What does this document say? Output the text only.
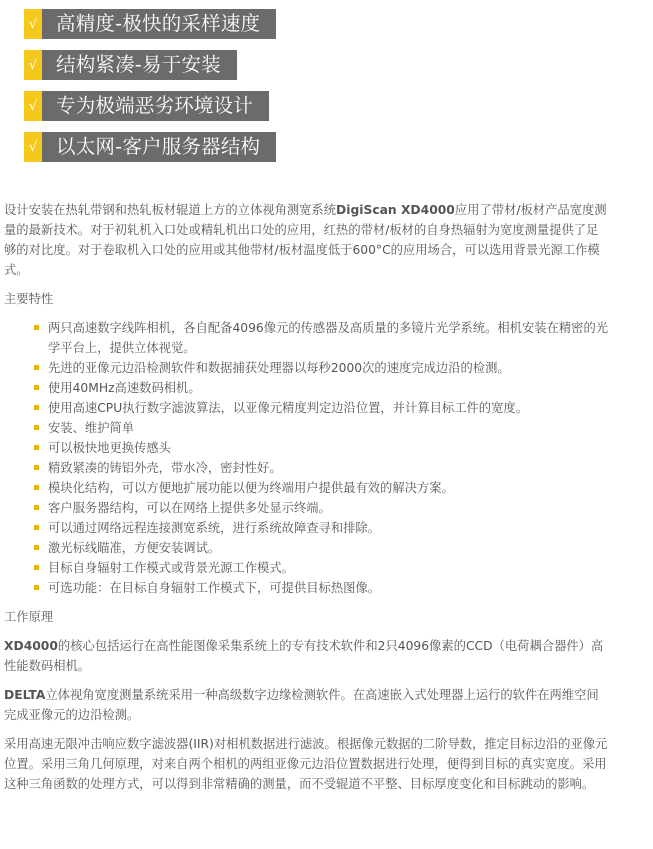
√ 高精度-极快的采样速度
√ 结构紧凑-易于安装
√ 专为极端恶劣环境设计
√ 以太网-客户服务器结构

设计安装在热轧带钢和热轧板材辊道上方的立体视角测宽系统DigiScan XD4000应用了带材/板材产品宽度测量的最新技术。对于初轧机入口处或精轧机出口处的应用，红热的带材/板材的自身热辐射为宽度测量提供了足够的对比度。对于卷取机入口处的应用或其他带材/板材温度低于600°C的应用场合，可以选用背景光源工作模式。

主要特性

两只高速数字线阵相机，各自配备4096像元的传感器及高质量的多镜片光学系统。相机安装在精密的光学平台上，提供立体视觉。
先进的亚像元边沿检测软件和数据捕获处理器以每秒2000次的速度完成边沿的检测。
使用40MHz高速数码相机。
使用高速CPU执行数字滤波算法，以亚像元精度判定边沿位置，并计算目标工件的宽度。
安装、维护简单
可以极快地更换传感头
精致紧凑的铸铝外壳，带水冷，密封性好。
模块化结构，可以方便地扩展功能以便为终端用户提供最有效的解决方案。
客户服务器结构，可以在网络上提供多处显示终端。
可以通过网络远程连接测宽系统，进行系统故障查寻和排除。
激光标线瞄准，方便安装调试。
目标自身辐射工作模式或背景光源工作模式。
可选功能：在目标自身辐射工作模式下，可提供目标热图像。

工作原理

XD4000的核心包括运行在高性能图像采集系统上的专有技术软件和2只4096像素的CCD（电荷耦合器件）高性能数码相机。

DELTA立体视角宽度测量系统采用一种高级数字边缘检测软件。在高速嵌入式处理器上运行的软件在两维空间完成亚像元的边沿检测。

采用高速无限冲击响应数字滤波器(IIR)对相机数据进行滤波。根据像元数据的二阶导数，推定目标边沿的亚像元位置。采用三角几何原理，对来自两个相机的两组亚像元边沿位置数据进行处理，便得到目标的真实宽度。采用这种三角函数的处理方式，可以得到非常精确的测量，而不受辊道不平整、目标厚度变化和目标跳动的影响。
